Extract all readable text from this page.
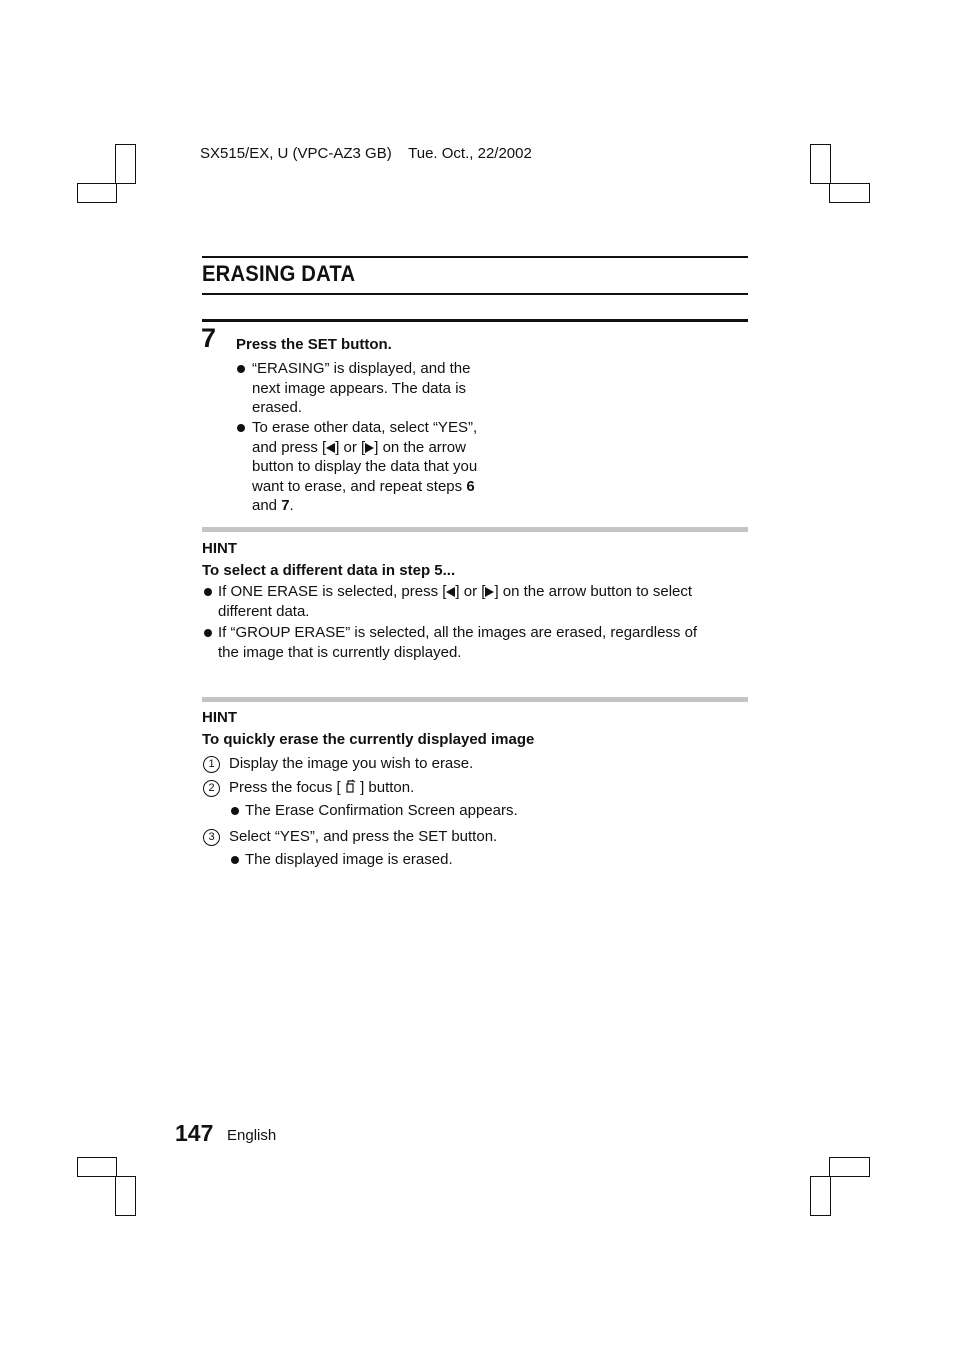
SX515/EX, U (VPC-AZ3 GB) Tue. Oct., 22/2002
ERASING DATA
7 Press the SET button.
“ERASING” is displayed, and the
next image appears. The data is
erased.
To erase other data, select “YES”,
and press [ ] or [ ] on the arrow
button to display the data that you
want to erase, and repeat steps 6
and 7.
HINT
To select a different data in step 5...
If ONE ERASE is selected, press [ ] or [ ] on the arrow button to select
different data.
If “GROUP ERASE” is selected, all the images are erased, regardless of
the image that is currently displayed.
HINT
To quickly erase the currently displayed image
1 Display the image you wish to erase.
2 Press the focus [ ] button.
The Erase Confirmation Screen appears.
3 Select “YES”, and press the SET button.
The displayed image is erased.
147 English
